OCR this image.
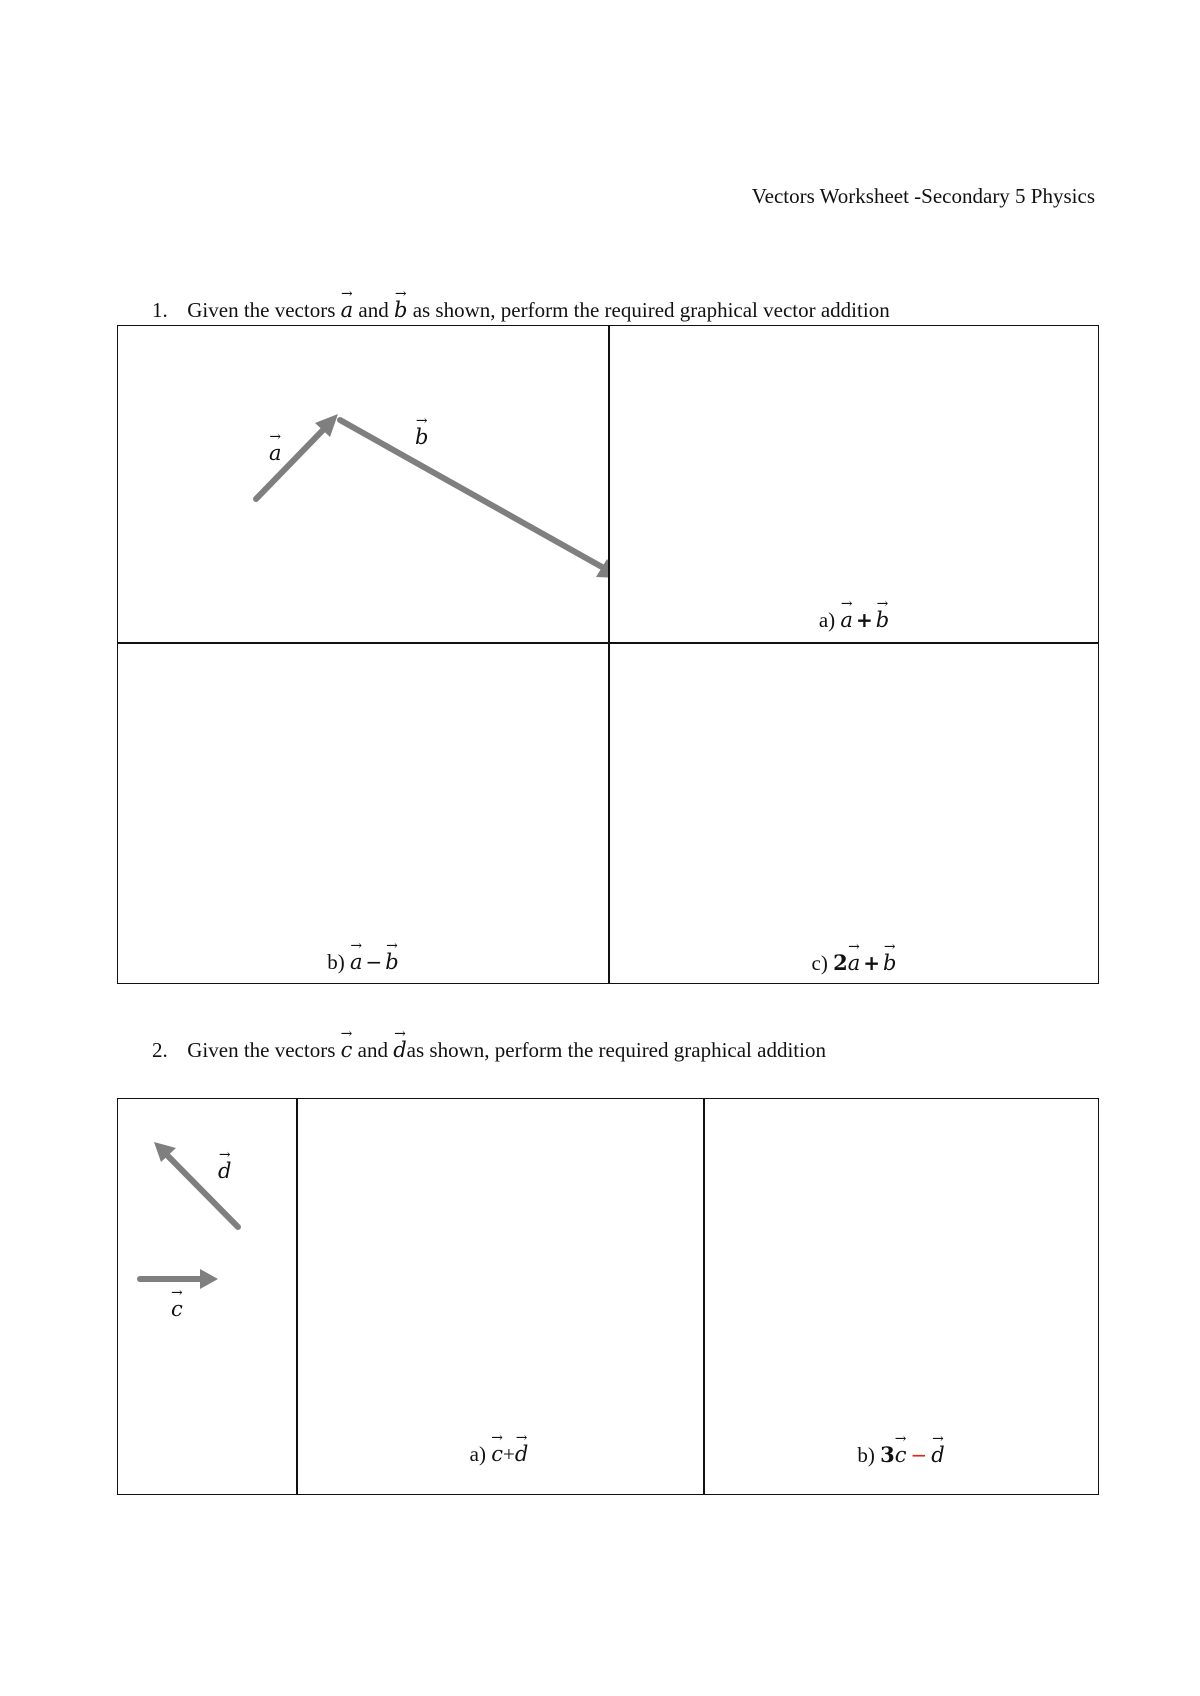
Vectors Worksheet -Secondary 5 Physics
1. Given the vectors → a and → b as shown, perform the required graphical vector addition
→ a
→ b
a) → a + → b
b) → a − → b	c) 2→ a + → b
2. Given the vectors → c and → das shown, perform the required graphical addition
→ d
→ c
a) → c+→ d	b) 3→ c − → d
